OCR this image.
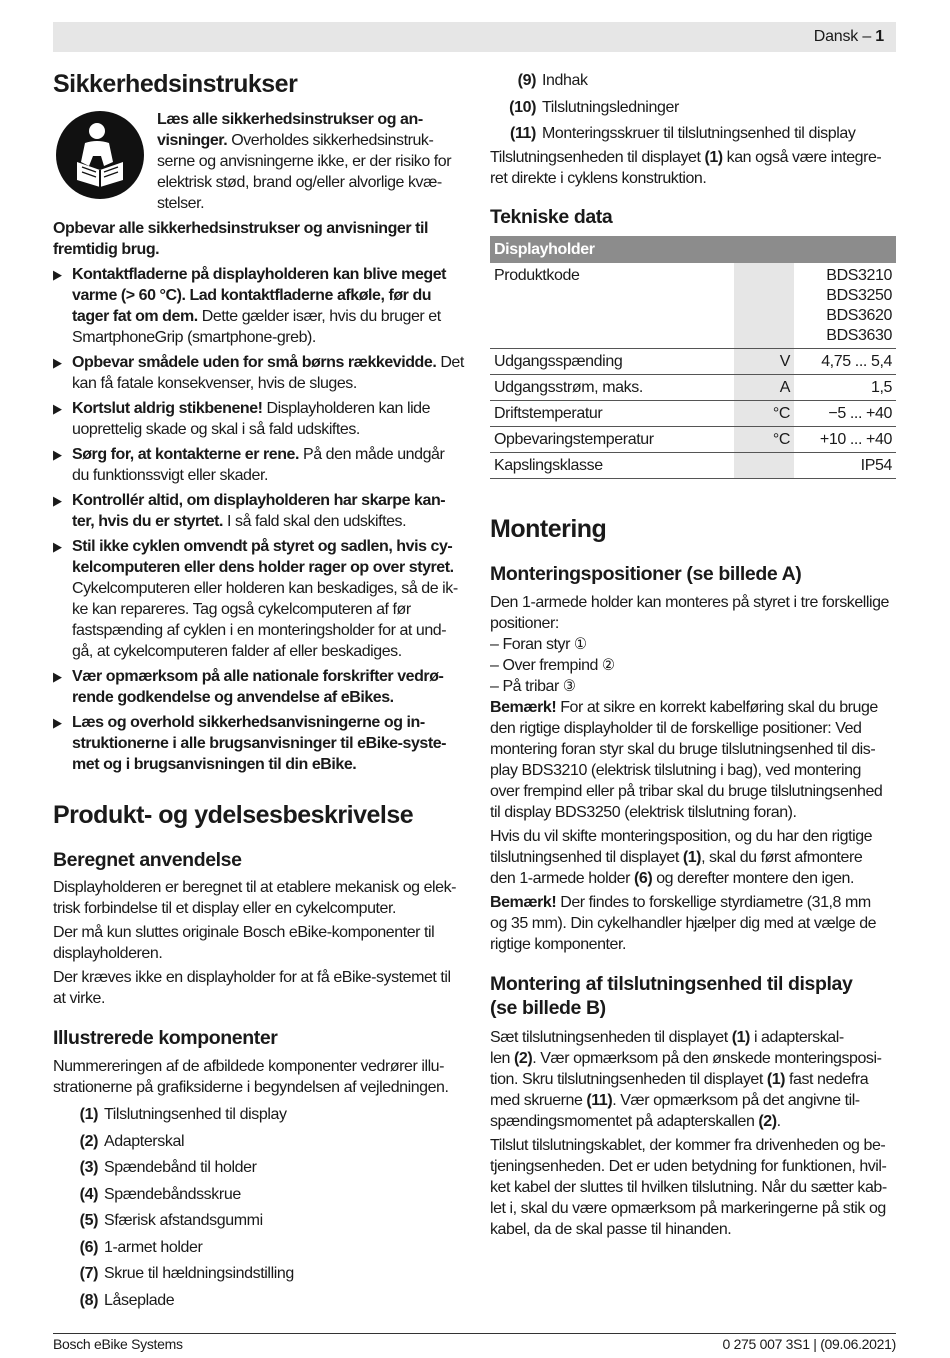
Dansk – 1
Sikkerhedsinstrukser
Læs alle sikkerhedsinstrukser og an-
visninger. Overholdes sikkerhedsinstruk-
serne og anvisningerne ikke, er der risiko for
elektrisk stød, brand og/eller alvorlige kvæ-
stelser.
Opbevar alle sikkerhedsinstrukser og anvisninger til
fremtidig brug.
▶ Kontaktfladerne på displayholderen kan blive meget
varme (> 60 °C). Lad kontaktfladerne afkøle, før du
tager fat om dem. Dette gælder især, hvis du bruger et
SmartphoneGrip (smartphone-greb).
▶ Opbevar smådele uden for små børns rækkevidde. Det
kan få fatale konsekvenser, hvis de sluges.
▶ Kortslut aldrig stikbenene! Displayholderen kan lide
uoprettelig skade og skal i så fald udskiftes.
▶ Sørg for, at kontakterne er rene. På den måde undgår
du funktionssvigt eller skader.
▶ Kontrollér altid, om displayholderen har skarpe kan-
ter, hvis du er styrtet. I så fald skal den udskiftes.
▶ Stil ikke cyklen omvendt på styret og sadlen, hvis cy-
kelcomputeren eller dens holder rager op over styret.
Cykelcomputeren eller holderen kan beskadiges, så de ik-
ke kan repareres. Tag også cykelcomputeren af før
fastspænding af cyklen i en monteringsholder for at und-
gå, at cykelcomputeren falder af eller beskadiges.
▶ Vær opmærksom på alle nationale forskrifter vedrø-
rende godkendelse og anvendelse af eBikes.
▶ Læs og overhold sikkerhedsanvisningerne og in-
struktionerne i alle brugsanvisninger til eBike-syste-
met og i brugsanvisningen til din eBike.
Produkt- og ydelsesbeskrivelse
Beregnet anvendelse
Displayholderen er beregnet til at etablere mekanisk og elek-
trisk forbindelse til et display eller en cykelcomputer.
Der må kun sluttes originale Bosch eBike-komponenter til
displayholderen.
Der kræves ikke en displayholder for at få eBike-systemet til
at virke.
Illustrerede komponenter
Nummereringen af de afbildede komponenter vedrører illu-
strationerne på grafiksiderne i begyndelsen af vejledningen.
(1) Tilslutningsenhed til display
(2) Adapterskal
(3) Spændebånd til holder
(4) Spændebåndsskrue
(5) Sfærisk afstandsgummi
(6) 1-armet holder
(7) Skrue til hældningsindstilling
(8) Låseplade
(9) Indhak
(10) Tilslutningsledninger
(11) Monteringsskruer til tilslutningsenhed til display
Tilslutningsenheden til displayet (1) kan også være integre-
ret direkte i cyklens konstruktion.
Tekniske data
Displayholder		
Produktkode		BDS3210
BDS3250
BDS3620
BDS3630

Udgangsspænding	V	4,75 ... 5,4

Udgangsstrøm, maks.	A	1,5

Driftstemperatur	°C	−5 ... +40

Opbevaringstemperatur	°C	+10 ... +40

Kapslingsklasse		IP54
Montering
Monteringspositioner (se billede A)
Den 1-armede holder kan monteres på styret i tre forskellige
positioner:
– Foran styr ①
– Over frempind ②
– På tribar ③
Bemærk! For at sikre en korrekt kabelføring skal du bruge
den rigtige displayholder til de forskellige positioner: Ved
montering foran styr skal du bruge tilslutningsenhed til dis-
play BDS3210 (elektrisk tilslutning i bag), ved montering
over frempind eller på tribar skal du bruge tilslutningsenhed
til display BDS3250 (elektrisk tilslutning foran).
Hvis du vil skifte monteringsposition, og du har den rigtige
tilslutningsenhed til displayet (1), skal du først afmontere
den 1-armede holder (6) og derefter montere den igen.
Bemærk! Der findes to forskellige styrdiametre (31,8 mm
og 35 mm). Din cykelhandler hjælper dig med at vælge de
rigtige komponenter.
Montering af tilslutningsenhed til display
(se billede B)
Sæt tilslutningsenheden til displayet (1) i adapterskal-
len (2). Vær opmærksom på den ønskede monteringsposi-
tion. Skru tilslutningsenheden til displayet (1) fast nedefra
med skruerne (11). Vær opmærksom på det angivne til-
spændingsmomentet på adapterskallen (2).
Tilslut tilslutningskablet, der kommer fra drivenheden og be-
tjeningsenheden. Det er uden betydning for funktionen, hvil-
ket kabel der sluttes til hvilken tilslutning. Når du sætter kab-
let i, skal du være opmærksom på markeringerne på stik og
kabel, da de skal passe til hinanden.
Bosch eBike Systems	0 275 007 3S1 | (09.06.2021)
